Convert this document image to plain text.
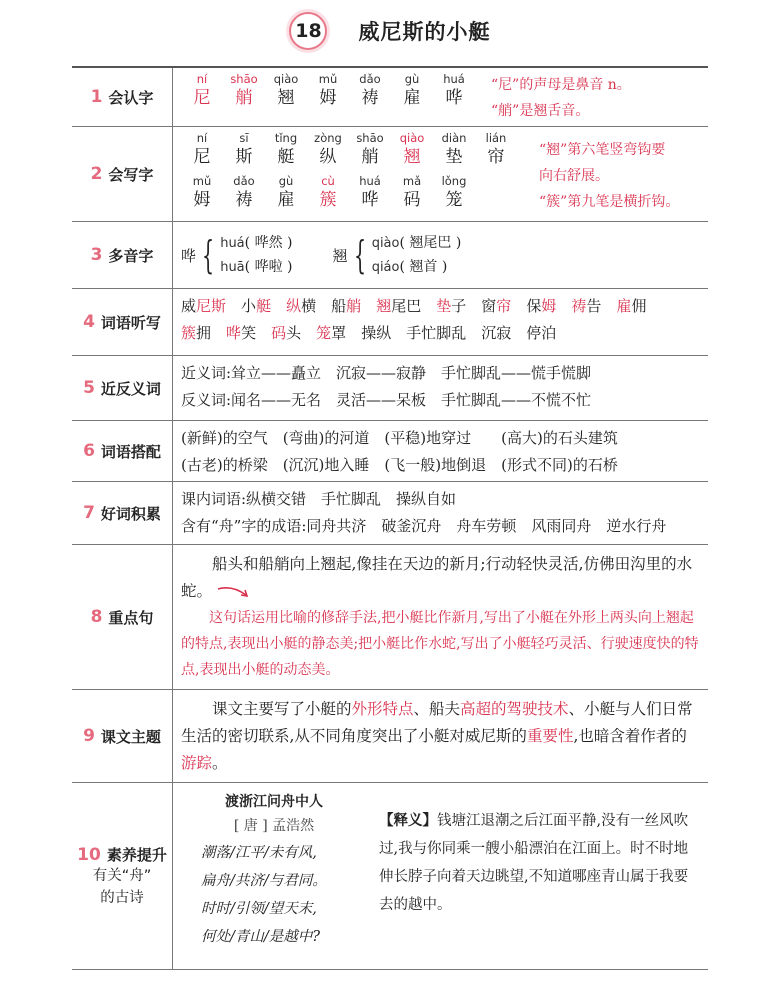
18 威尼斯的小艇
1 会认字
ní
尼
shāo
艄
qiào
翘
mǔ
姆
dǎo
祷
gù
雇
huá
哗
“尼”的声母是鼻音 n。
“艄”是翘舌音。
2 会写字
ní
尼
sī
斯
tǐng
艇
zòng
纵
shāo
艄
qiào
翘
diàn
垫
lián
帘
mǔ
姆
dǎo
祷
gù
雇
cù
簇
huá
哗
mǎ
码
lǒng
笼
“翘”第六笔竖弯钩要
向右舒展。
“簇”第九笔是横折钩。
3 多音字 哗 { huá( 哗然 )
huā( 哗啦 )
翘 { qiào( 翘尾巴 )
qiáo( 翘首 )
4 词语听写
威尼斯　 小艇　 纵横　 船艄　 翘尾巴　 垫子　 窗帘　 保姆　 祷告　 雇佣
簇拥　 哗笑　 码头　 笼罩　 操纵　 手忙脚乱　 沉寂　 停泊
5 近反义词
近义词:耸立——矗立　沉寂——寂静　手忙脚乱——慌手慌脚
反义词:闻名——无名　灵活——呆板　手忙脚乱——不慌不忙
6 词语搭配
(新鲜)的空气　(弯曲)的河道　(平稳)地穿过　　(高大)的石头建筑
(古老)的桥梁　(沉沉)地入睡　(飞一般)地倒退　(形式不同)的石桥
7 好词积累
课内词语:纵横交错　手忙脚乱　操纵自如
含有“舟”字的成语:同舟共济　破釜沉舟　舟车劳顿　风雨同舟　逆水行舟
8 重点句
船头和船艄向上翘起,像挂在天边的新月;行动轻快灵活,仿佛田沟里的水蛇。
这句话运用比喻的修辞手法,把小艇比作新月,写出了小艇在外形上两头向上翘起的特点,表现出小艇的静态美;把小艇比作水蛇,写出了小艇轻巧灵活、行驶速度快的特点,表现出小艇的动态美。
9 课文主题
课文主要写了小艇的外形特点、船夫高超的驾驶技术、小艇与人们日常生活的密切联系,从不同角度突出了小艇对威尼斯的重要性,也暗含着作者的游踪。
10 素养提升
有关“舟”
的古诗
渡浙江问舟中人
[ 唐 ] 孟浩然
潮落/江平/未有风,
扁舟/共济/与君同。
时时/引领/望天末,
何处/青山/是越中?
【释义】钱塘江退潮之后江面平静,没有一丝风吹过,我与你同乘一艘小船漂泊在江面上。时不时地伸长脖子向着天边眺望,不知道哪座青山属于我要去的越中。
